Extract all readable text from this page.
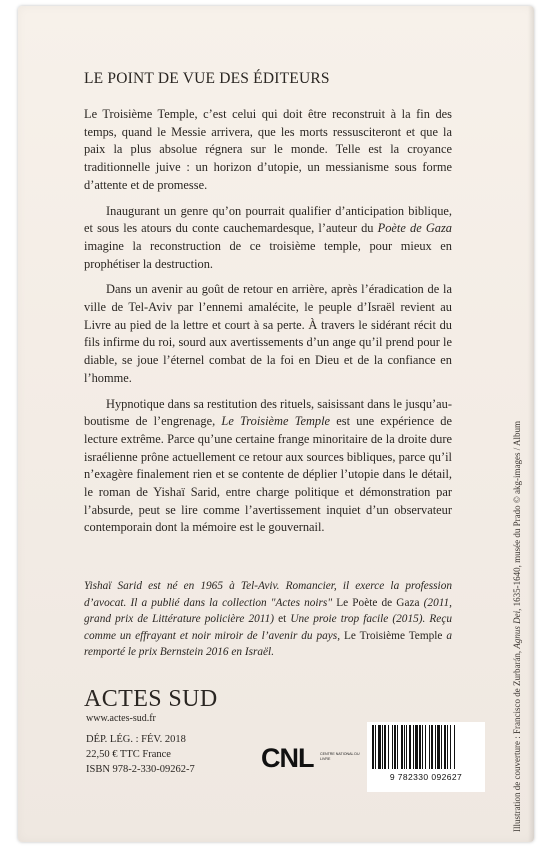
LE POINT DE VUE DES ÉDITEURS

Le Troisième Temple, c’est celui qui doit être reconstruit à la fin des temps, quand le Messie arrivera, que les morts ressusciteront et que la paix la plus absolue régnera sur le monde. Telle est la croyance traditionnelle juive : un horizon d’utopie, un messianisme sous forme d’attente et de promesse.

Inaugurant un genre qu’on pourrait qualifier d’anticipation biblique, et sous les atours du conte cauchemardesque, l’auteur du Poète de Gaza imagine la reconstruction de ce troisième temple, pour mieux en prophétiser la destruction.

Dans un avenir au goût de retour en arrière, après l’éradication de la ville de Tel-Aviv par l’ennemi amalécite, le peuple d’Israël revient au Livre au pied de la lettre et court à sa perte. À travers le sidérant récit du fils infirme du roi, sourd aux avertissements d’un ange qu’il prend pour le diable, se joue l’éternel combat de la foi en Dieu et de la confiance en l’homme.

Hypnotique dans sa restitution des rituels, saisissant dans le jusqu’au-boutisme de l’engrenage, Le Troisième Temple est une expérience de lecture extrême. Parce qu’une certaine frange minoritaire de la droite dure israélienne prône actuellement ce retour aux sources bibliques, parce qu’il n’exagère finalement rien et se contente de déplier l’utopie dans le détail, le roman de Yishaï Sarid, entre charge politique et démonstration par l’absurde, peut se lire comme l’avertissement inquiet d’un observateur contemporain dont la mémoire est le gouvernail.

Yishaï Sarid est né en 1965 à Tel-Aviv. Romancier, il exerce la profession d’avocat. Il a publié dans la collection "Actes noirs" Le Poète de Gaza (2011, grand prix de Littérature policière 2011) et Une proie trop facile (2015). Reçu comme un effrayant et noir miroir de l’avenir du pays, Le Troisième Temple a remporté le prix Bernstein 2016 en Israël.
ACTES SUD
www.actes-sud.fr
DÉP. LÉG. : FÉV. 2018
22,50 € TTC France
ISBN 978-2-330-09262-7 CNL CENTRE NATIONAL DU LIVRE
9 782330 092627	Illustration de couverture : Francisco de Zurbarán, Agnus Dei, 1635-1640, musée du Prado © akg-images / Album
